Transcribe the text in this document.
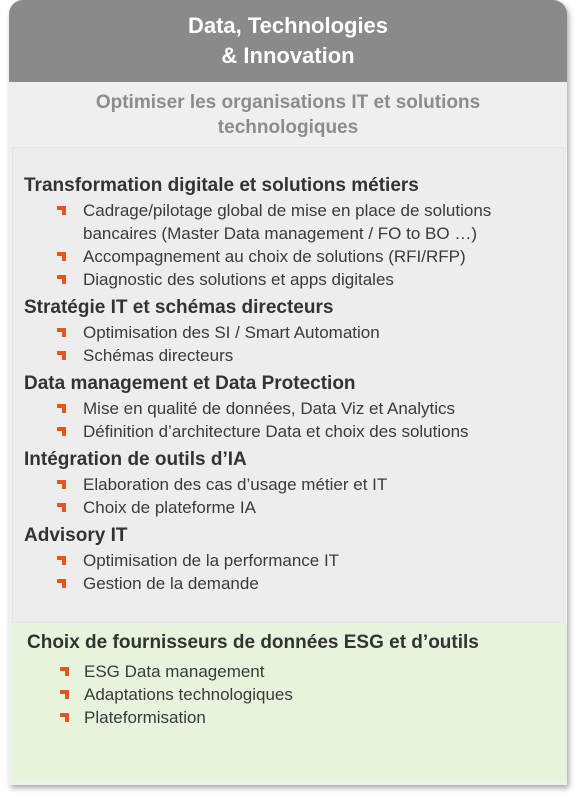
Data, Technologies
& Innovation
Optimiser les organisations IT et solutions
technologiques
Transformation digitale et solutions métiers
Cadrage/pilotage global de mise en place de solutions bancaires (Master Data management / FO to BO …)
Accompagnement au choix de solutions (RFI/RFP)
Diagnostic des solutions et apps digitales
Stratégie IT et schémas directeurs
Optimisation des SI / Smart Automation
Schémas directeurs
Data management et Data Protection
Mise en qualité de données, Data Viz et Analytics
Définition d’architecture Data et choix des solutions
Intégration de outils d’IA
Elaboration des cas d’usage métier et IT
Choix de plateforme IA
Advisory IT
Optimisation de la performance IT
Gestion de la demande
Choix de fournisseurs de données ESG et d’outils
ESG Data management
Adaptations technologiques
Plateformisation
